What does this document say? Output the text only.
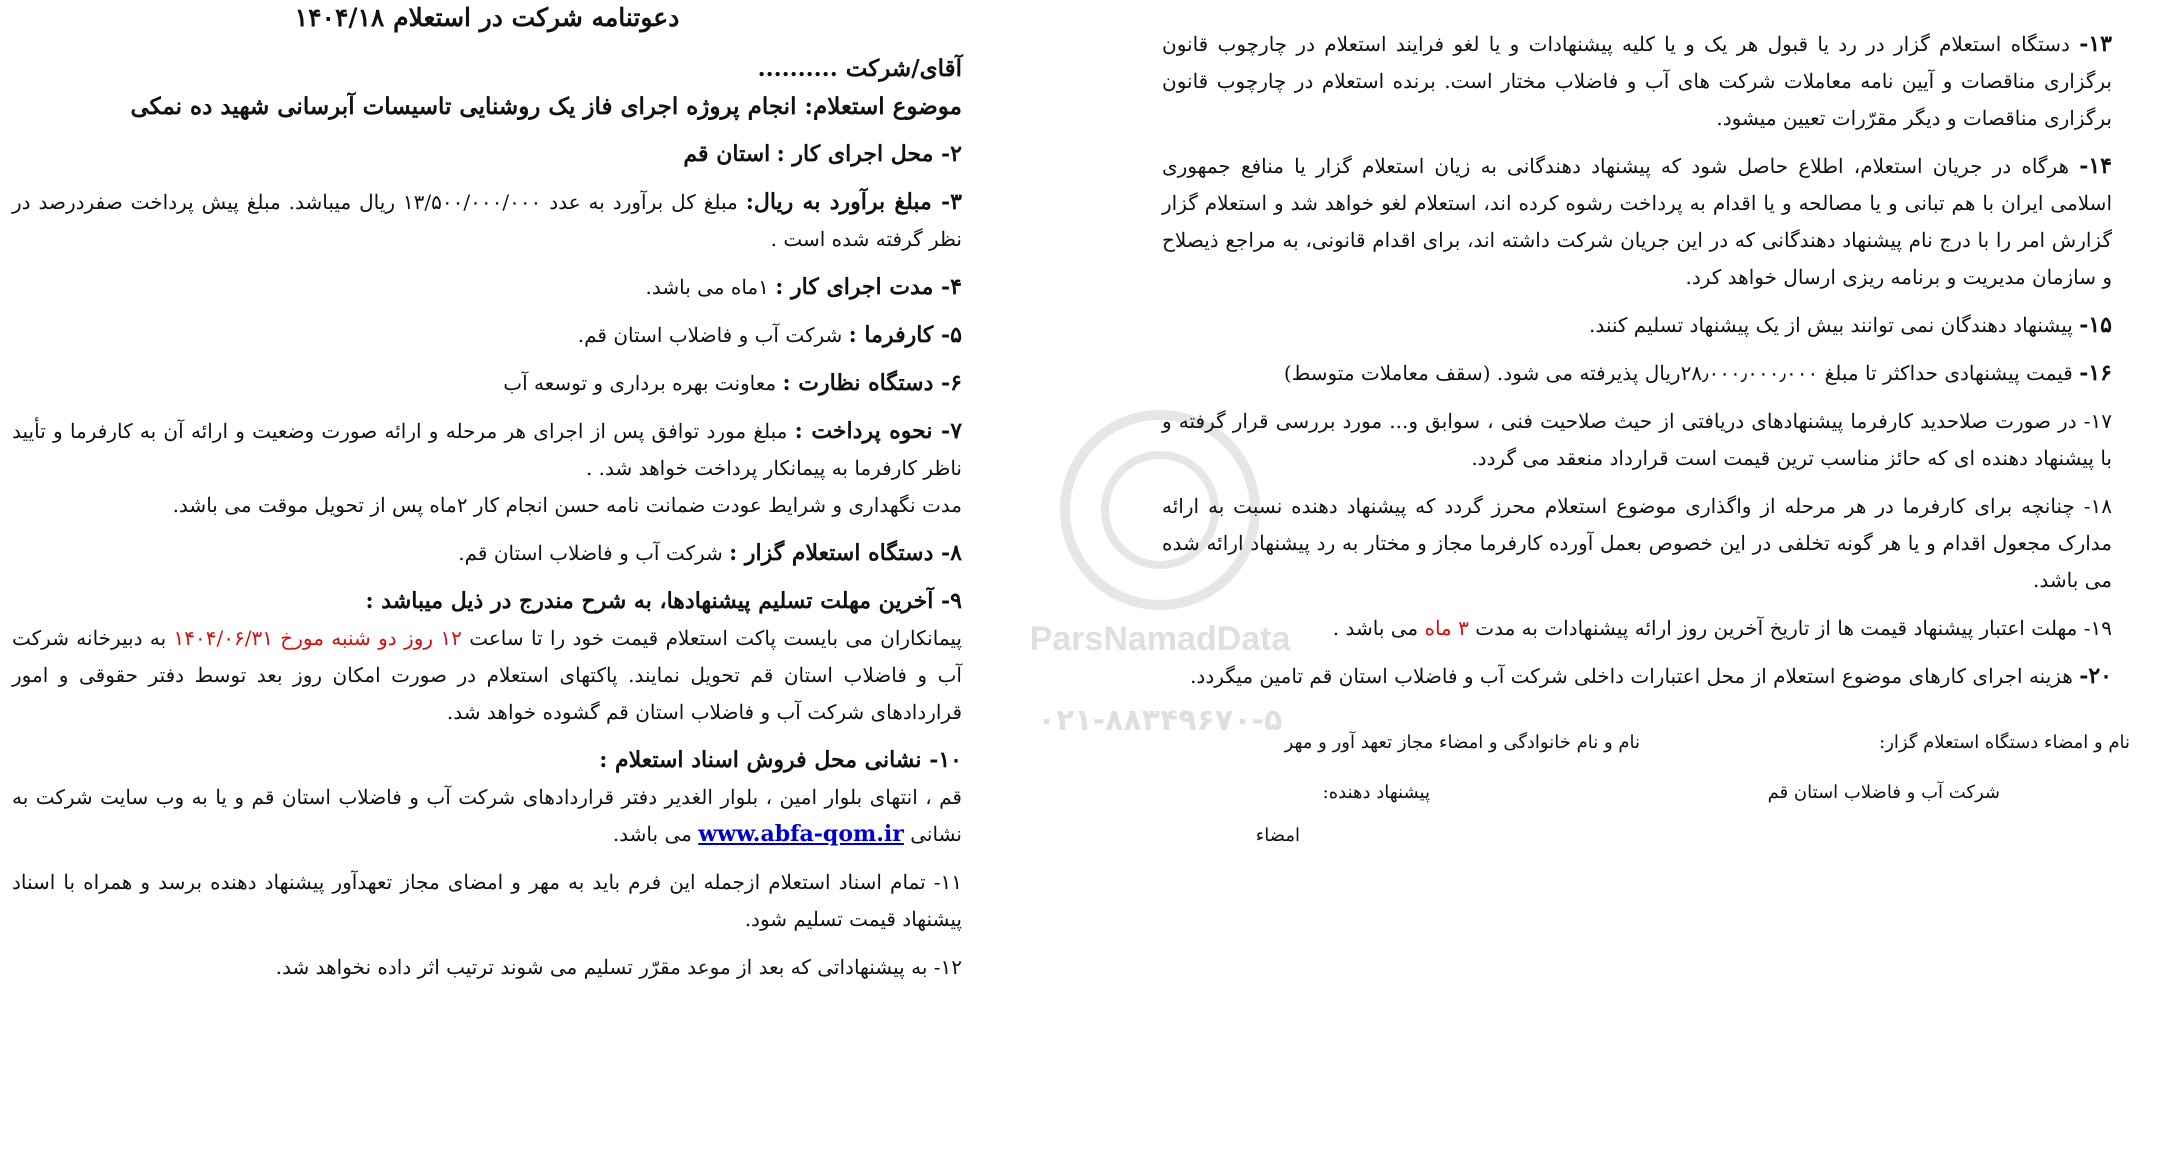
ParsNamadData
۰۲۱-۸۸۳۴۹۶۷۰-۵
دعوتنامه شرکت در استعلام ۱۴۰۴/۱۸
آقای/شرکت ..........
موضوع استعلام: انجام پروژه اجرای فاز یک روشنایی تاسیسات آبرسانی شهید ده نمکی
۲- محل اجرای کار : استان قم
۳- مبلغ برآورد به ریال: مبلغ کل برآورد به عدد ۱۳/۵۰۰/۰۰۰/۰۰۰ ریال میباشد. مبلغ پیش پرداخت صفردرصد در نظر گرفته شده است .
۴- مدت اجرای کار : ۱ماه می باشد.
۵- کارفرما : شرکت آب و فاضلاب استان قم.
۶- دستگاه نظارت : معاونت بهره برداری و توسعه آب
۷- نحوه پرداخت : مبلغ مورد توافق پس از اجرای هر مرحله و ارائه صورت وضعیت و ارائه آن به کارفرما و تأیید ناظر کارفرما به پیمانکار پرداخت خواهد شد. .
مدت نگهداری و شرایط عودت ضمانت نامه حسن انجام کار ۲ماه پس از تحویل موقت می باشد.
۸- دستگاه استعلام گزار : شرکت آب و فاضلاب استان قم.
۹- آخرین مهلت تسلیم پیشنهادها، به شرح مندرج در ذیل میباشد :
پیمانکاران می بایست پاکت استعلام قیمت خود را تا ساعت ۱۲ روز دو شنبه مورخ ۱۴۰۴/۰۶/۳۱ به دبیرخانه شرکت آب و فاضلاب استان قم تحویل نمایند. پاکتهای استعلام در صورت امکان روز بعد توسط دفتر حقوقی و امور قراردادهای شرکت آب و فاضلاب استان قم گشوده خواهد شد.
۱۰- نشانی محل فروش اسناد استعلام :
قم ، انتهای بلوار امین ، بلوار الغدیر دفتر قراردادهای شرکت آب و فاضلاب استان قم و یا به وب سایت شرکت به نشانی www.abfa-qom.ir می باشد.
۱۱- تمام اسناد استعلام ازجمله این فرم باید به مهر و امضای مجاز تعهدآور پیشنهاد دهنده برسد و همراه با اسناد پیشنهاد قیمت تسلیم شود.
۱۲- به پیشنهاداتی که بعد از موعد مقرّر تسلیم می شوند ترتیب اثر داده نخواهد شد.
۱۳- دستگاه استعلام گزار در رد یا قبول هر یک و یا کلیه پیشنهادات و یا لغو فرایند استعلام در چارچوب قانون برگزاری مناقصات و آیین نامه معاملات شرکت های آب و فاضلاب مختار است. برنده استعلام در چارچوب قانون برگزاری مناقصات و دیگر مقرّرات تعیین میشود.
۱۴- هرگاه در جریان استعلام، اطلاع حاصل شود که پیشنهاد دهندگانی به زیان استعلام گزار یا منافع جمهوری اسلامی ایران با هم تبانی و یا مصالحه و یا اقدام به پرداخت رشوه کرده اند، استعلام لغو خواهد شد و استعلام گزار گزارش امر را با درج نام پیشنهاد دهندگانی که در این جریان شرکت داشته اند، برای اقدام قانونی، به مراجع ذیصلاح و سازمان مدیریت و برنامه ریزی ارسال خواهد کرد.
۱۵- پیشنهاد دهندگان نمی توانند بیش از یک پیشنهاد تسلیم کنند.
۱۶- قیمت پیشنهادی حداکثر تا مبلغ ۲۸٫۰۰۰٫۰۰۰٫۰۰۰ریال پذیرفته می شود. (سقف معاملات متوسط)
۱۷- در صورت صلاحدید کارفرما پیشنهادهای دریافتی از حیث صلاحیت فنی ، سوابق و... مورد بررسی قرار گرفته و با پیشنهاد دهنده ای که حائز مناسب ترین قیمت است قرارداد منعقد می گردد.
۱۸- چنانچه برای کارفرما در هر مرحله از واگذاری موضوع استعلام محرز گردد که پیشنهاد دهنده نسبت به ارائه مدارک مجعول اقدام و یا هر گونه تخلفی در این خصوص بعمل آورده کارفرما مجاز و مختار به رد پیشنهاد ارائه شده می باشد.
۱۹- مهلت اعتبار پیشنهاد قیمت ها از تاریخ آخرین روز ارائه پیشنهادات به مدت ۳ ماه می باشد .
۲۰- هزینه اجرای کارهای موضوع استعلام از محل اعتبارات داخلی شرکت آب و فاضلاب استان قم تامین میگردد.
نام و امضاء دستگاه استعلام گزار:
شرکت آب و فاضلاب استان قم
نام و نام خانوادگی و امضاء مجاز تعهد آور و مهر
پیشنهاد دهنده:
امضاء
